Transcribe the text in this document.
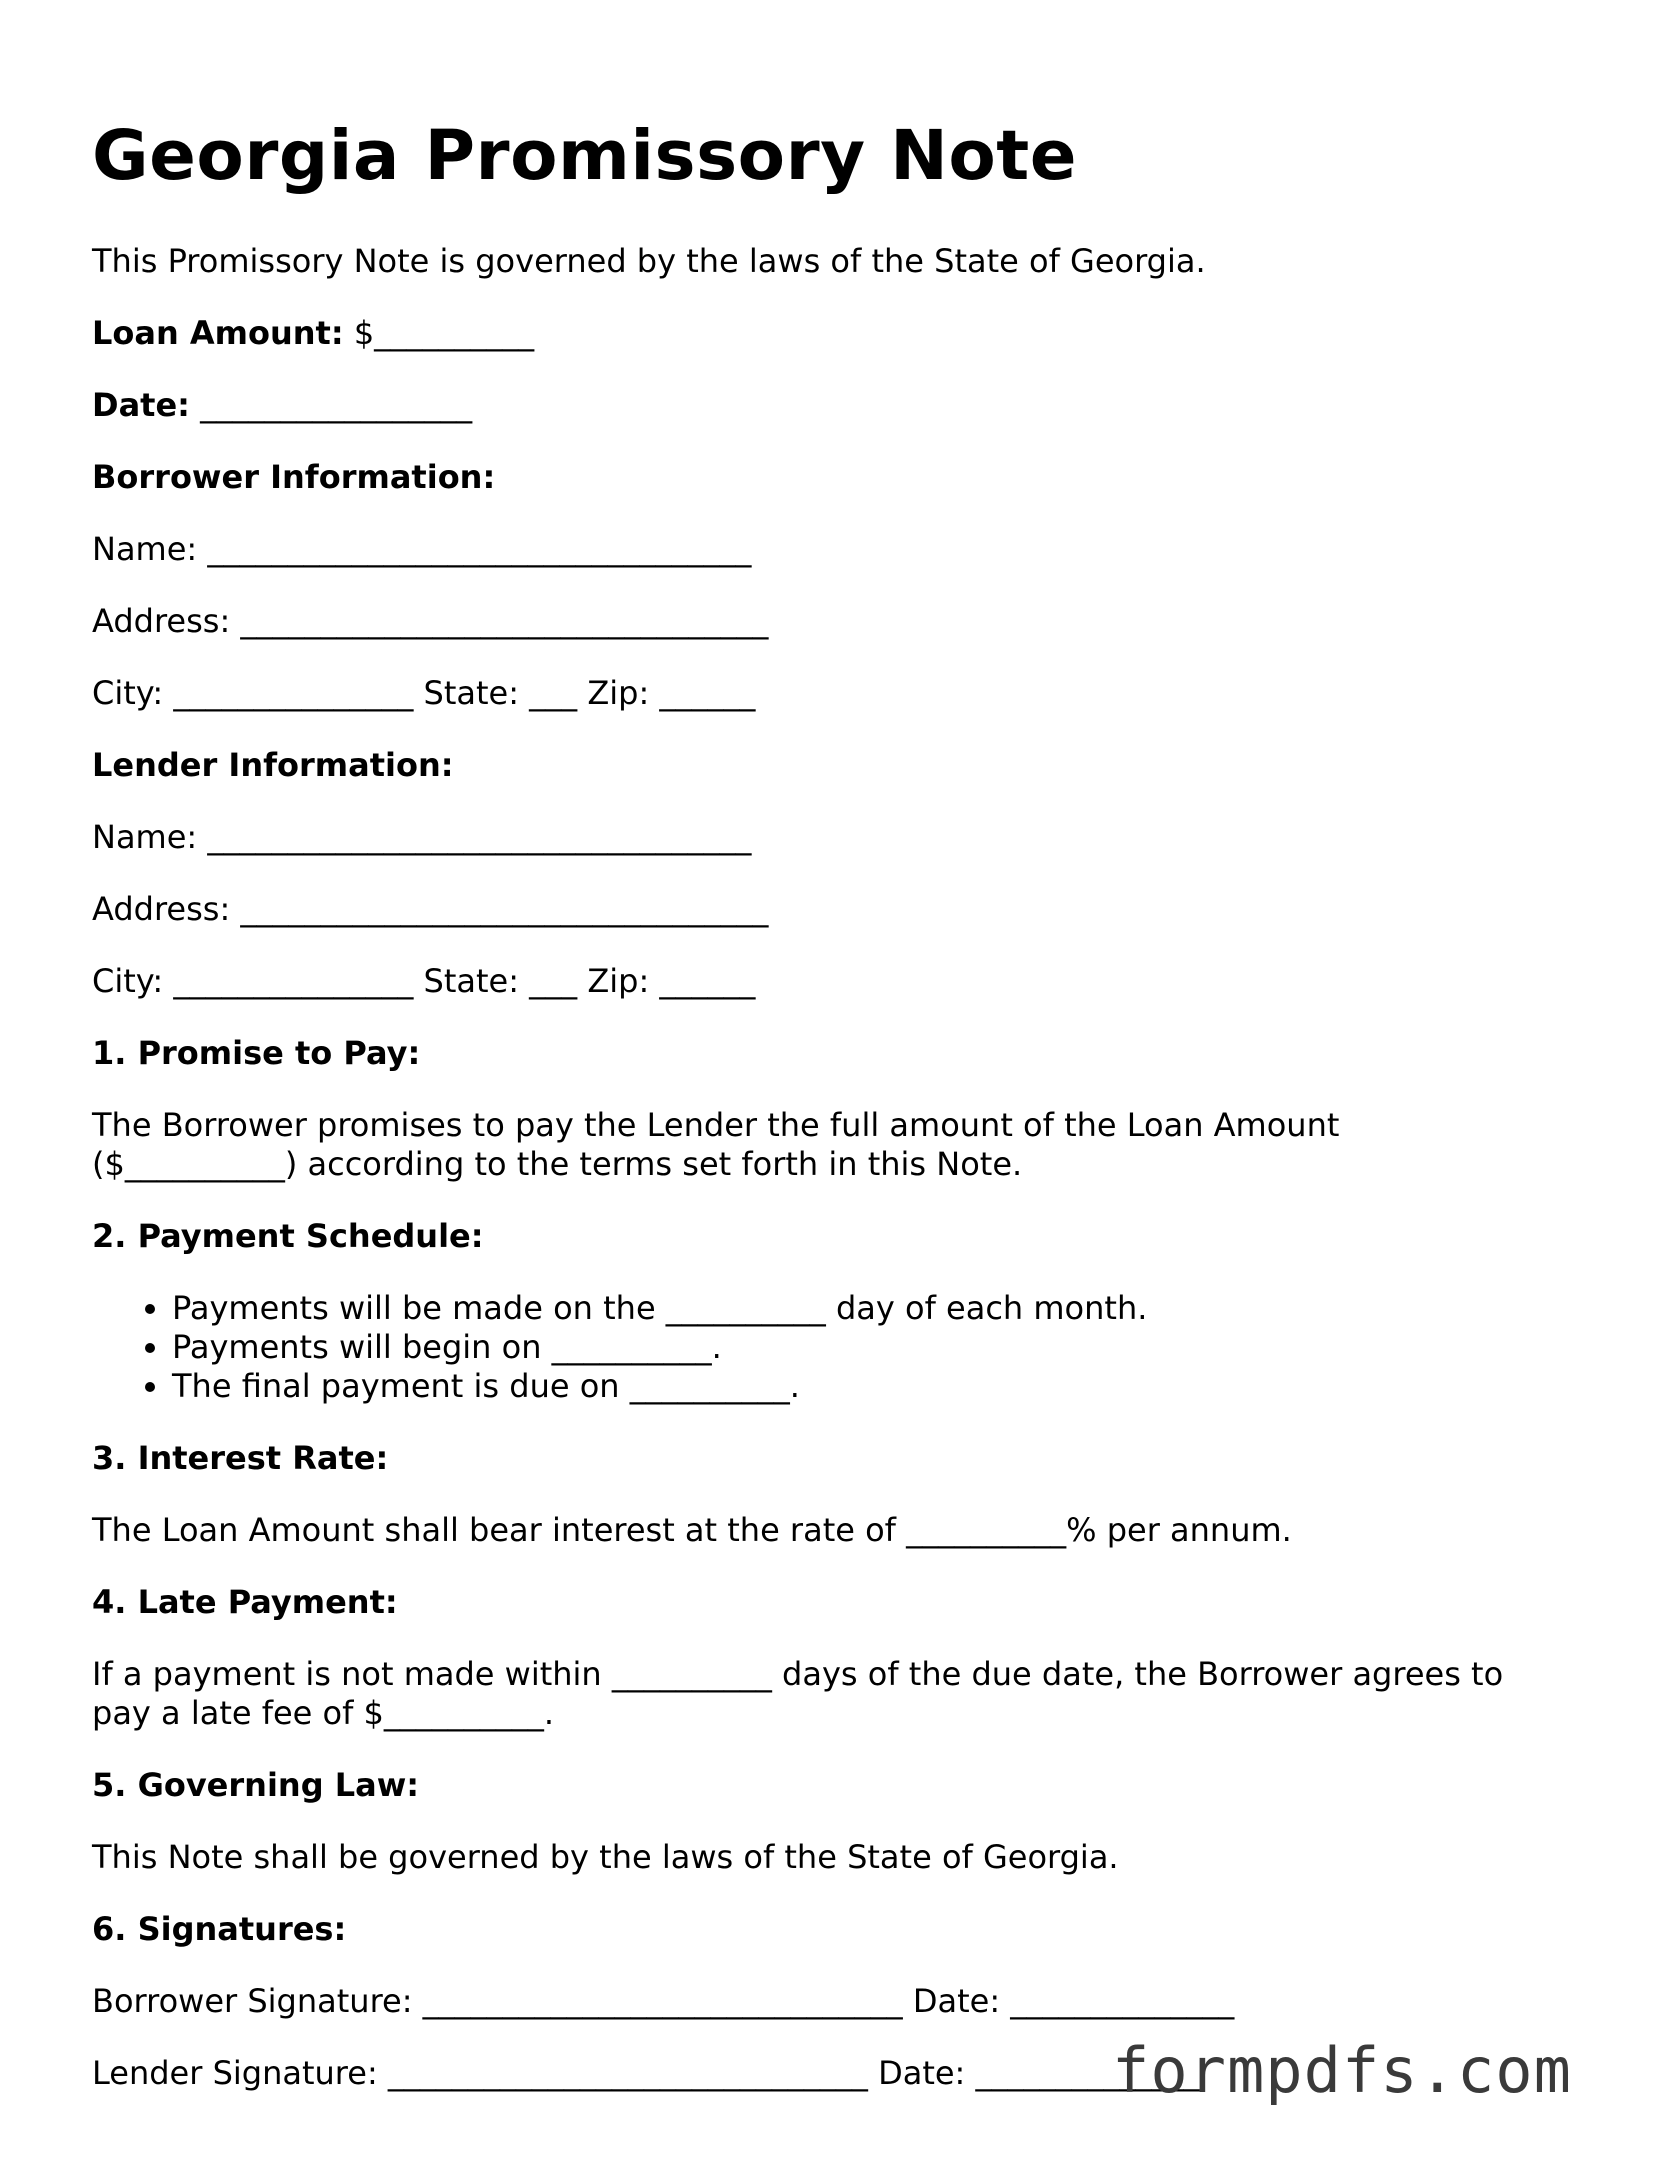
Georgia Promissory Note

This Promissory Note is governed by the laws of the State of Georgia.

Loan Amount: $__________

Date: _________________

Borrower Information:

Name: __________________________________

Address: _________________________________

City: _______________ State: ___ Zip: ______

Lender Information:

Name: __________________________________

Address: _________________________________

City: _______________ State: ___ Zip: ______

1. Promise to Pay:

The Borrower promises to pay the Lender the full amount of the Loan Amount ($__________) according to the terms set forth in this Note.

2. Payment Schedule:

• Payments will be made on the __________ day of each month.
• Payments will begin on __________.
• The final payment is due on __________.

3. Interest Rate:

The Loan Amount shall bear interest at the rate of __________% per annum.

4. Late Payment:

If a payment is not made within __________ days of the due date, the Borrower agrees to pay a late fee of $__________.

5. Governing Law:

This Note shall be governed by the laws of the State of Georgia.

6. Signatures:

Borrower Signature: ______________________________ Date: ______________

Lender Signature: ______________________________ Date: ______________

formpdfs.com
